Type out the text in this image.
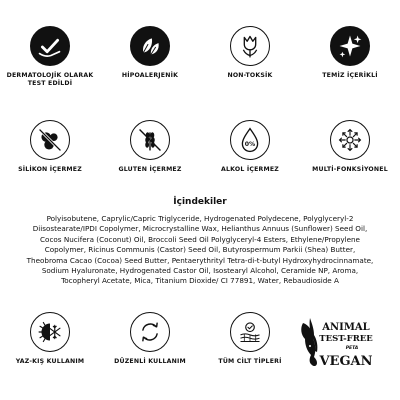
DERMATOLOJİK OLARAK
TEST EDİLDİ
HİPOALERJENİK	NON-TOKSİK	TEMİZ İÇERİKLİ
SİLİKON İÇERMEZ	GLUTEN İÇERMEZ
0%
ALKOL İÇERMEZ	MULTİ-FONKSİYONEL
İçindekiler
Polyisobutene, Caprylic/Capric Triglyceride, Hydrogenated Polydecene, Polyglyceryl-2 Diisostearate/IPDI Copolymer, Microcrystalline Wax, Helianthus Annuus (Sunflower) Seed Oil, Cocos Nucifera (Coconut) Oil, Broccoli Seed Oil Polyglyceryl-4 Esters, Ethylene/Propylene Copolymer, Ricinus Communis (Castor) Seed Oil, Butyrospermum Parkii (Shea) Butter, Theobroma Cacao (Cocoa) Seed Butter, Pentaerythrityl Tetra-di-t-butyl Hydroxyhydrocinnamate, Sodium Hyaluronate, Hydrogenated Castor Oil, Isostearyl Alcohol, Ceramide NP, Aroma, Tocopheryl Acetate, Mica, Titanium Dioxide/ CI 77891, Water, Rebaudioside A
YAZ-KIŞ KULLANIM	DÜZENLİ KULLANIM	TÜM CİLT TİPLERİ
ANIMAL
TEST-FREE
PETA
VEGAN
